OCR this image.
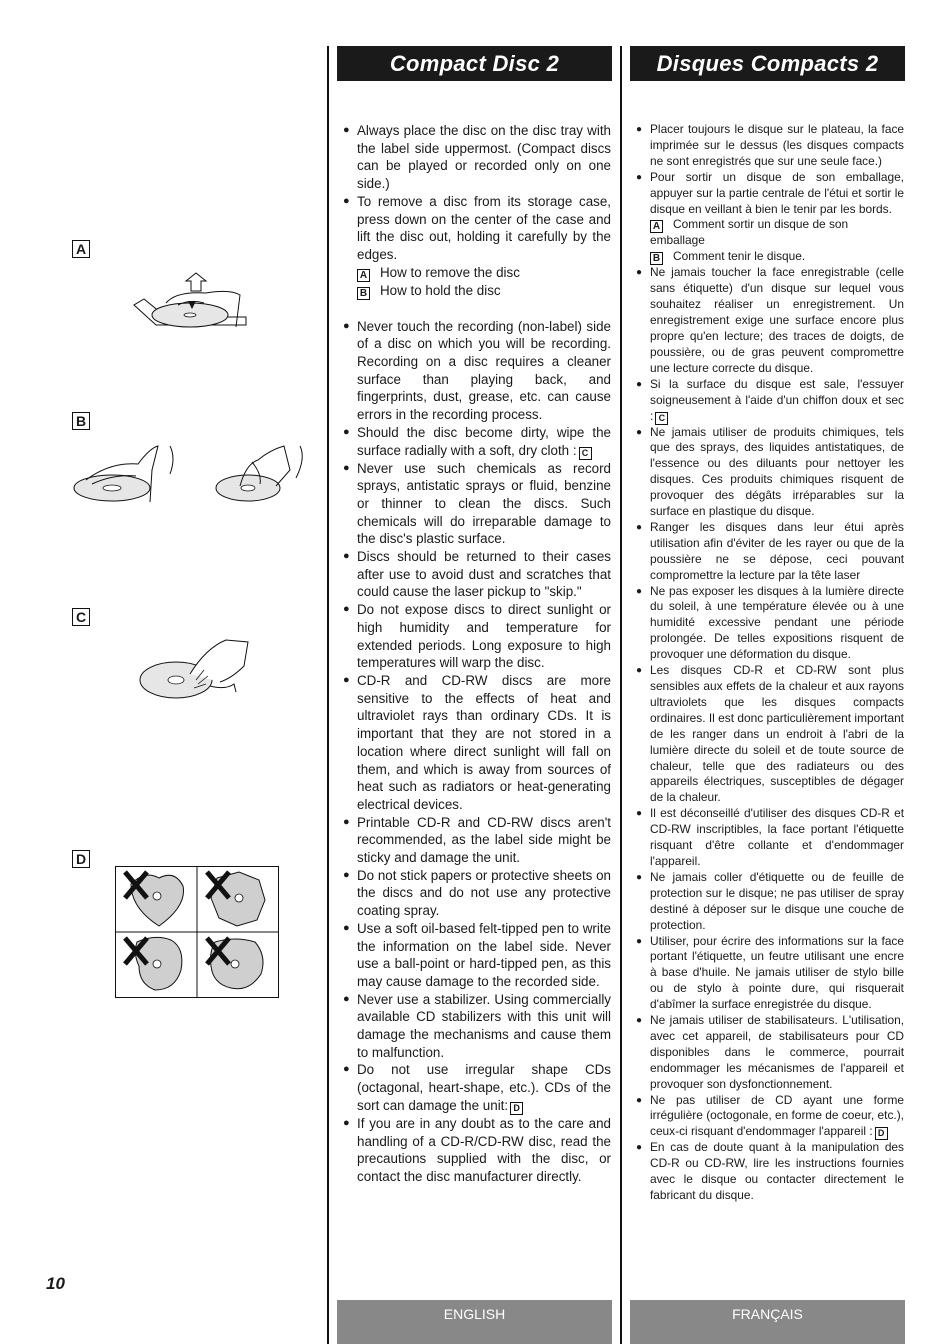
Compact Disc 2	Disques Compacts 2
A
B
C
D
● Always place the disc on the disc tray with the label side uppermost. (Compact discs can be played or recorded only on one side.)
● To remove a disc from its storage case, press down on the center of the case and lift the disc out, holding it carefully by the edges.
A How to remove the disc
B How to hold the disc
● Never touch the recording (non-label) side of a disc on which you will be recording. Recording on a disc requires a cleaner surface than playing back, and fingerprints, dust, grease, etc. can cause errors in the recording process.
● Should the disc become dirty, wipe the surface radially with a soft, dry cloth : C
● Never use such chemicals as record sprays, antistatic sprays or fluid, benzine or thinner to clean the discs. Such chemicals will do irreparable damage to the disc's plastic surface.
● Discs should be returned to their cases after use to avoid dust and scratches that could cause the laser pickup to "skip."
● Do not expose discs to direct sunlight or high humidity and temperature for extended periods. Long exposure to high temperatures will warp the disc.
● CD-R and CD-RW discs are more sensitive to the effects of heat and ultraviolet rays than ordinary CDs. It is important that they are not stored in a location where direct sunlight will fall on them, and which is away from sources of heat such as radiators or heat-generating electrical devices.
● Printable CD-R and CD-RW discs aren't recommended, as the label side might be sticky and damage the unit.
● Do not stick papers or protective sheets on the discs and do not use any protective coating spray.
● Use a soft oil-based felt-tipped pen to write the information on the label side. Never use a ball-point or hard-tipped pen, as this may cause damage to the recorded side.
● Never use a stabilizer. Using commercially available CD stabilizers with this unit will damage the mechanisms and cause them to malfunction.
● Do not use irregular shape CDs (octagonal, heart-shape, etc.). CDs of the sort can damage the unit: D
● If you are in any doubt as to the care and handling of a CD-R/CD-RW disc, read the precautions supplied with the disc, or contact the disc manufacturer directly.
● Placer toujours le disque sur le plateau, la face imprimée sur le dessus (les disques compacts ne sont enregistrés que sur une seule face.)
● Pour sortir un disque de son emballage, appuyer sur la partie centrale de l'étui et sortir le disque en veillant à bien le tenir par les bords.
A Comment sortir un disque de son emballage
B Comment tenir le disque.
● Ne jamais toucher la face enregistrable (celle sans étiquette) d'un disque sur lequel vous souhaitez réaliser un enregistrement. Un enregistrement exige une surface encore plus propre qu'en lecture; des traces de doigts, de poussière, ou de gras peuvent compromettre une lecture correcte du disque.
● Si la surface du disque est sale, l'essuyer soigneusement à l'aide d'un chiffon doux et sec : C
● Ne jamais utiliser de produits chimiques, tels que des sprays, des liquides antistatiques, de l'essence ou des diluants pour nettoyer les disques. Ces produits chimiques risquent de provoquer des dégâts irréparables sur la surface en plastique du disque.
● Ranger les disques dans leur étui après utilisation afin d'éviter de les rayer ou que de la poussière ne se dépose, ceci pouvant compromettre la lecture par la tête laser
● Ne pas exposer les disques à la lumière directe du soleil, à une température élevée ou à une humidité excessive pendant une période prolongée. De telles expositions risquent de provoquer une déformation du disque.
● Les disques CD-R et CD-RW sont plus sensibles aux effets de la chaleur et aux rayons ultraviolets que les disques compacts ordinaires. Il est donc particulièrement important de les ranger dans un endroit à l'abri de la lumière directe du soleil et de toute source de chaleur, telle que des radiateurs ou des appareils électriques, susceptibles de dégager de la chaleur.
● Il est déconseillé d'utiliser des disques CD-R et CD-RW inscriptibles, la face portant l'étiquette risquant d'être collante et d'endommager l'appareil.
● Ne jamais coller d'étiquette ou de feuille de protection sur le disque; ne pas utiliser de spray destiné à déposer sur le disque une couche de protection.
● Utiliser, pour écrire des informations sur la face portant l'étiquette, un feutre utilisant une encre à base d'huile. Ne jamais utiliser de stylo bille ou de stylo à pointe dure, qui risquerait d'abîmer la surface enregistrée du disque.
● Ne jamais utiliser de stabilisateurs. L'utilisation, avec cet appareil, de stabilisateurs pour CD disponibles dans le commerce, pourrait endommager les mécanismes de l'appareil et provoquer son dysfonctionnement.
● Ne pas utiliser de CD ayant une forme irrégulière (octogonale, en forme de coeur, etc.), ceux-ci risquant d'endommager l'appareil : D
● En cas de doute quant à la manipulation des CD-R ou CD-RW, lire les instructions fournies avec le disque ou contacter directement le fabricant du disque.
ENGLISH	FRANÇAIS
10
